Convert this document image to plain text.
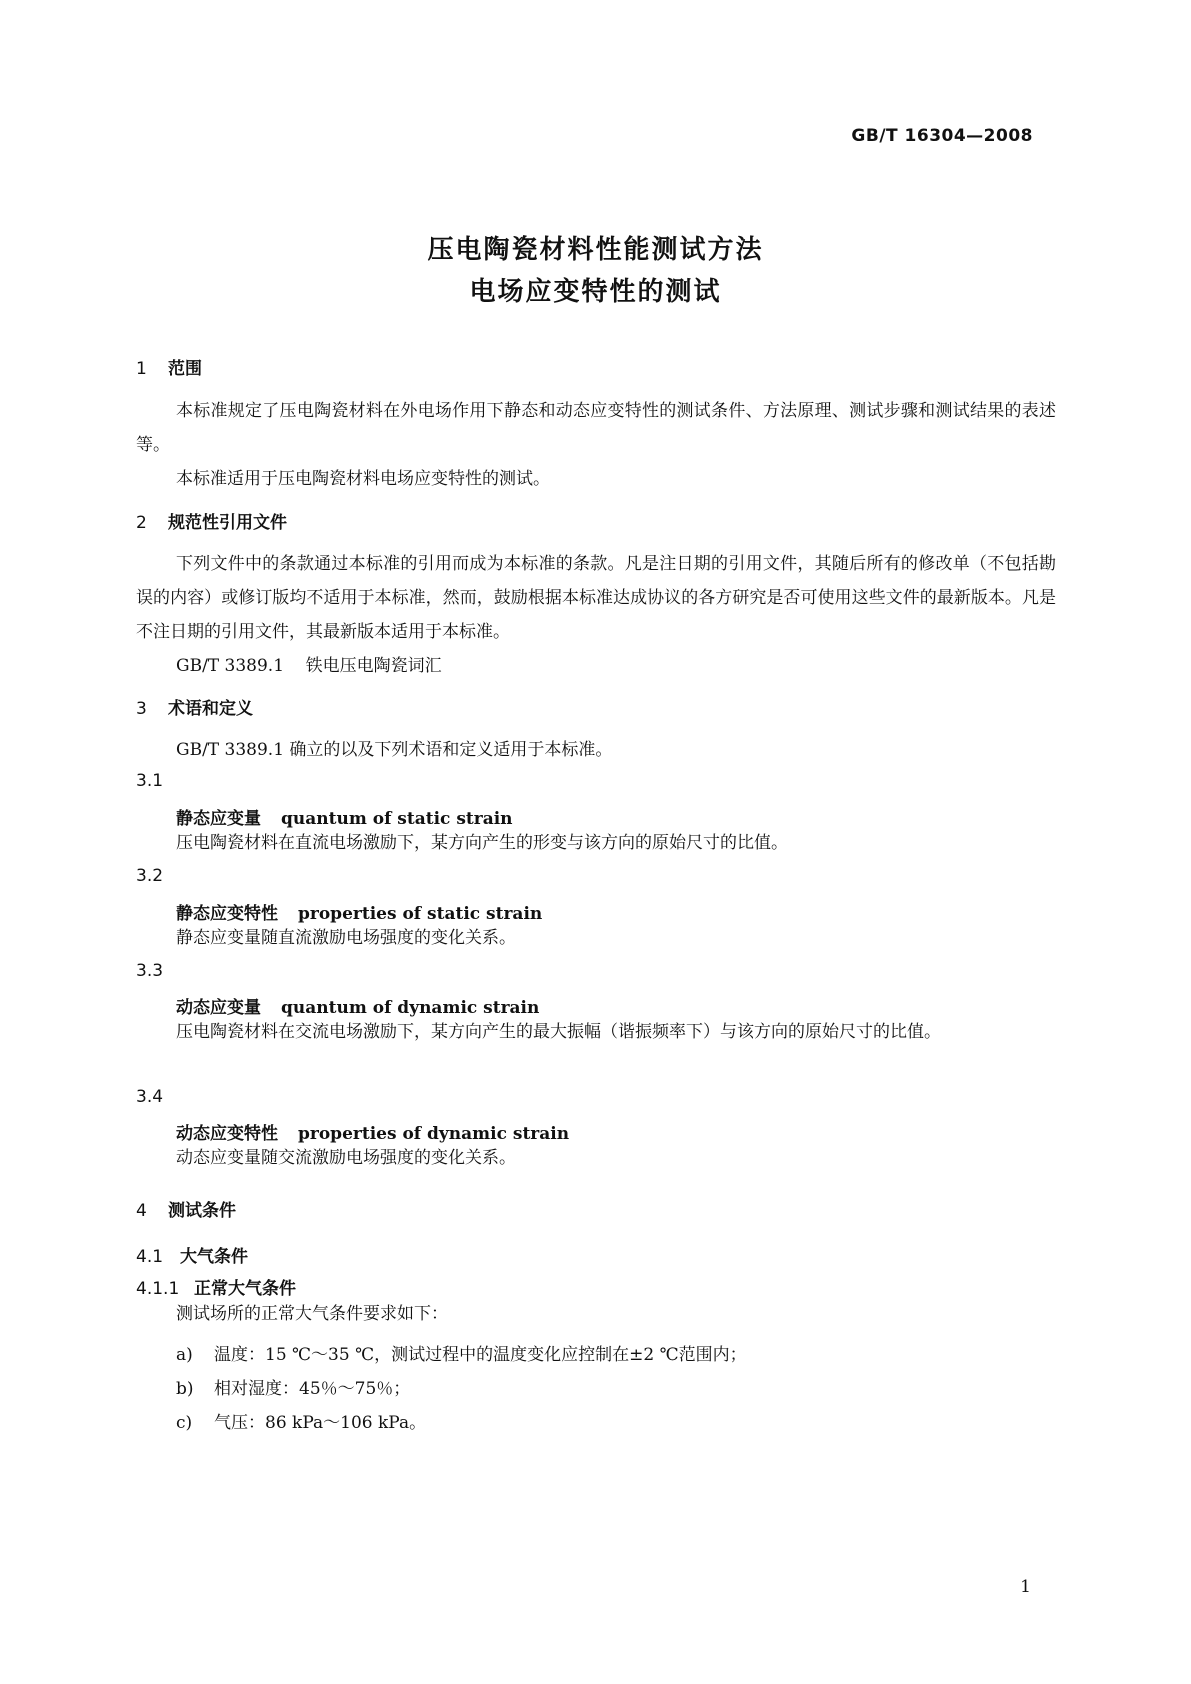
GB/T 16304—2008
压电陶瓷材料性能测试方法
电场应变特性的测试
1 范围
本标准规定了压电陶瓷材料在外电场作用下静态和动态应变特性的测试条件、方法原理、测试步骤和测试结果的表述等。
本标准适用于压电陶瓷材料电场应变特性的测试。
2 规范性引用文件
下列文件中的条款通过本标准的引用而成为本标准的条款。凡是注日期的引用文件，其随后所有的修改单（不包括勘误的内容）或修订版均不适用于本标准，然而，鼓励根据本标准达成协议的各方研究是否可使用这些文件的最新版本。凡是不注日期的引用文件，其最新版本适用于本标准。
GB/T 3389.1    铁电压电陶瓷词汇
3 术语和定义
GB/T 3389.1 确立的以及下列术语和定义适用于本标准。
3.1
静态应变量 quantum of static strain
压电陶瓷材料在直流电场激励下，某方向产生的形变与该方向的原始尺寸的比值。
3.2
静态应变特性 properties of static strain
静态应变量随直流激励电场强度的变化关系。
3.3
动态应变量 quantum of dynamic strain
压电陶瓷材料在交流电场激励下，某方向产生的最大振幅（谐振频率下）与该方向的原始尺寸的比值。
3.4
动态应变特性 properties of dynamic strain
动态应变量随交流激励电场强度的变化关系。
4 测试条件
4.1 大气条件
4.1.1 正常大气条件
测试场所的正常大气条件要求如下：
a) 温度：15 ℃～35 ℃，测试过程中的温度变化应控制在±2 ℃范围内；
b) 相对湿度：45％～75％；
c) 气压：86 kPa～106 kPa。
1
